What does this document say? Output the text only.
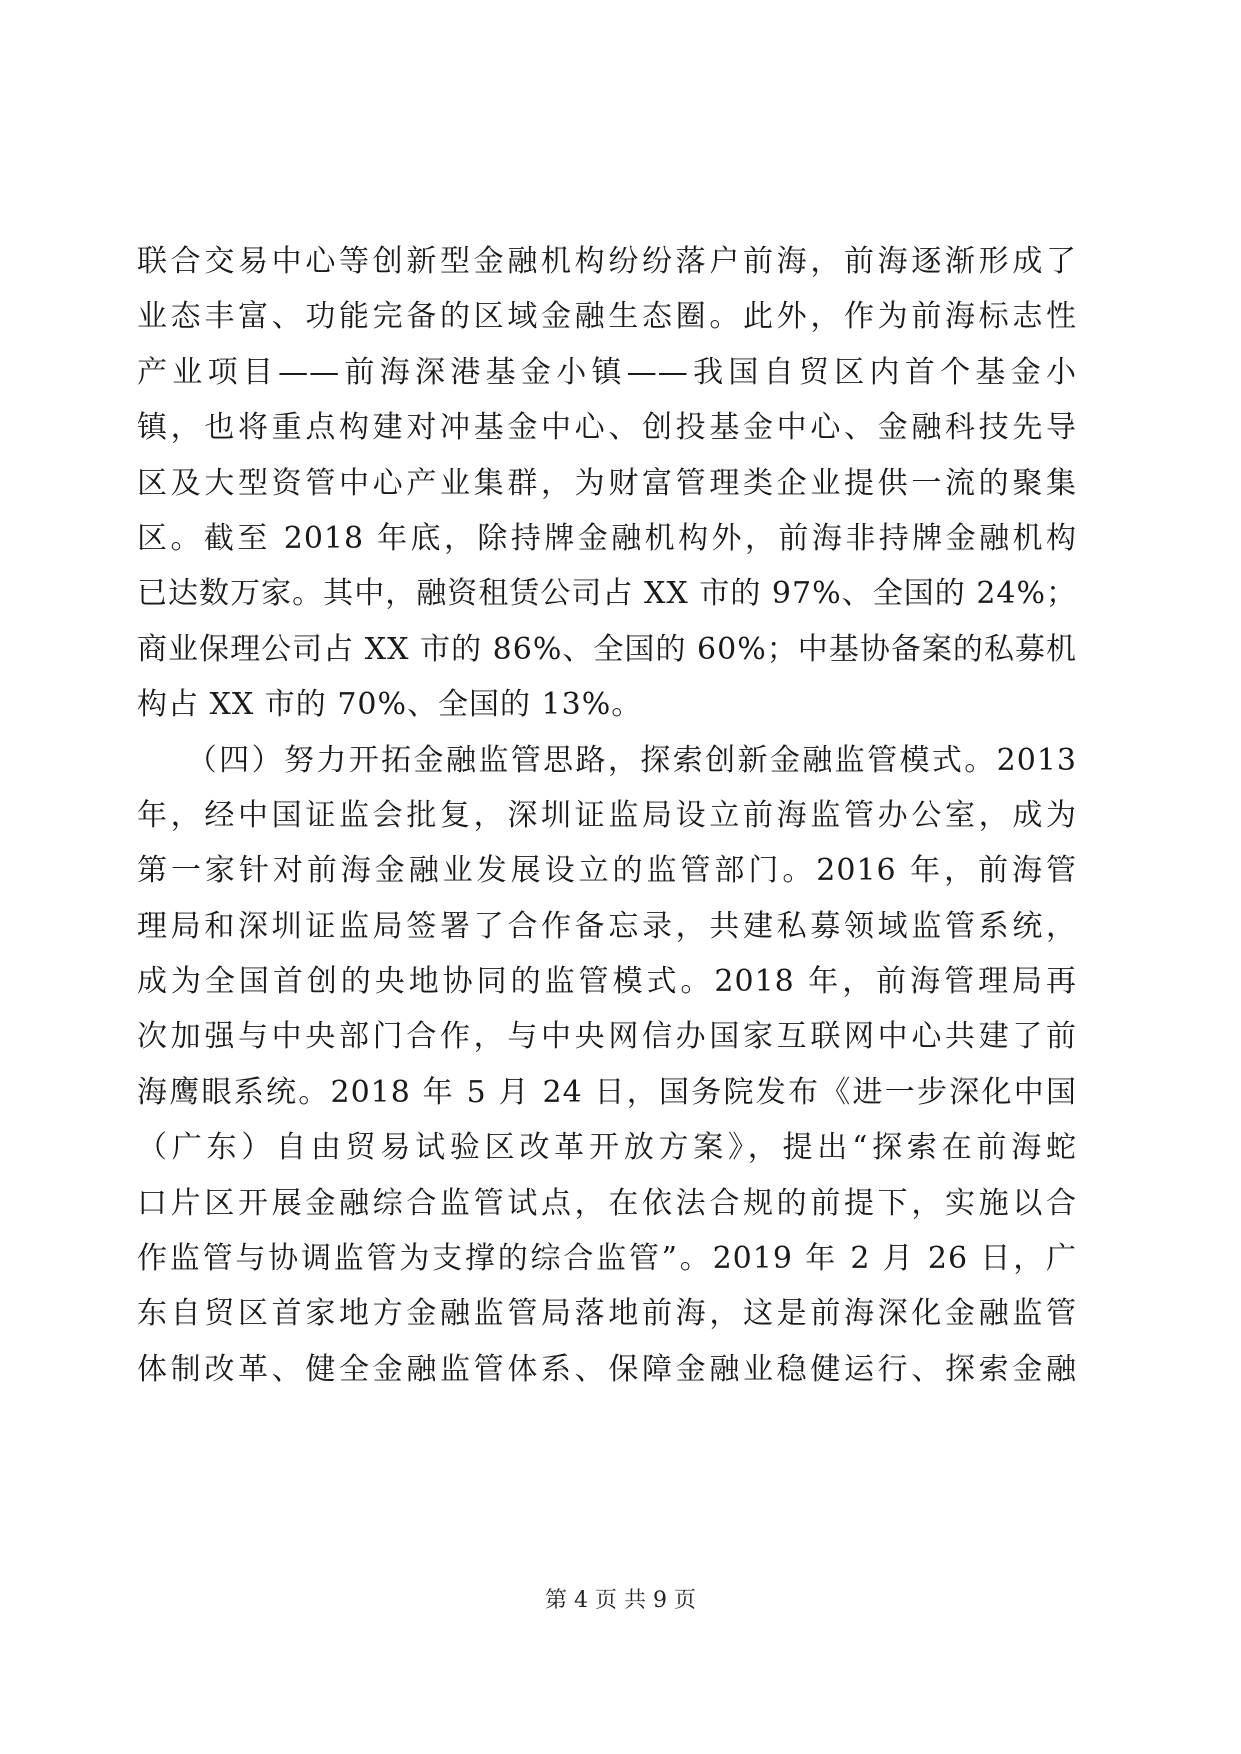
联合交易中心等创新型金融机构纷纷落户前海，前海逐渐形成了
业态丰富、功能完备的区域金融生态圈。此外，作为前海标志性
产业项目——前海深港基金小镇——我国自贸区内首个基金小
镇，也将重点构建对冲基金中心、创投基金中心、金融科技先导
区及大型资管中心产业集群，为财富管理类企业提供一流的聚集
区。截至 2018 年底，除持牌金融机构外，前海非持牌金融机构
已达数万家。其中，融资租赁公司占 XX 市的 97%、全国的 24%；
商业保理公司占 XX 市的 86%、全国的 60%；中基协备案的私募机
构占 XX 市的 70%、全国的 13%。
　　（四）努力开拓金融监管思路，探索创新金融监管模式。2013
年，经中国证监会批复，深圳证监局设立前海监管办公室，成为
第一家针对前海金融业发展设立的监管部门。2016 年，前海管
理局和深圳证监局签署了合作备忘录，共建私募领域监管系统，
成为全国首创的央地协同的监管模式。2018 年，前海管理局再
次加强与中央部门合作，与中央网信办国家互联网中心共建了前
海鹰眼系统。2018 年 5 月 24 日，国务院发布《进一步深化中国
（广东）自由贸易试验区改革开放方案》，提出“探索在前海蛇
口片区开展金融综合监管试点，在依法合规的前提下，实施以合
作监管与协调监管为支撑的综合监管”。2019 年 2 月 26 日，广
东自贸区首家地方金融监管局落地前海，这是前海深化金融监管
体制改革、健全金融监管体系、保障金融业稳健运行、探索金融
第 4 页 共 9 页
